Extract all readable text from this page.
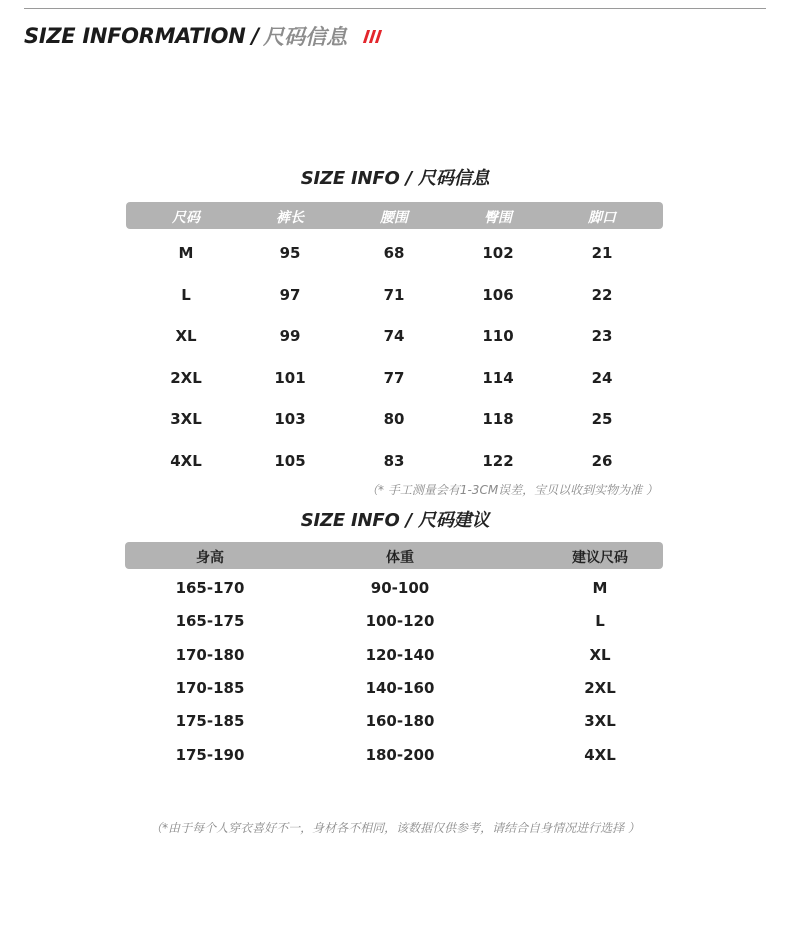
SIZE INFORMATION / 尺码信息
SIZE INFO / 尺码信息
尺码	裤长	腰围	臀围	脚口
M	95	68	102	21
L	97	71	106	22
XL	99	74	110	23
2XL	101	77	114	24
3XL	103	80	118	25
4XL	105	83	122	26
（* 手工测量会有1-3CM误差，宝贝以收到实物为准 ）
SIZE INFO / 尺码建议
身高	体重	建议尺码
165-170	90-100	M
165-175	100-120	L
170-180	120-140	XL
170-185	140-160	2XL
175-185	160-180	3XL
175-190	180-200	4XL
（*由于每个人穿衣喜好不一，身材各不相同，该数据仅供参考，请结合自身情况进行选择 ）
